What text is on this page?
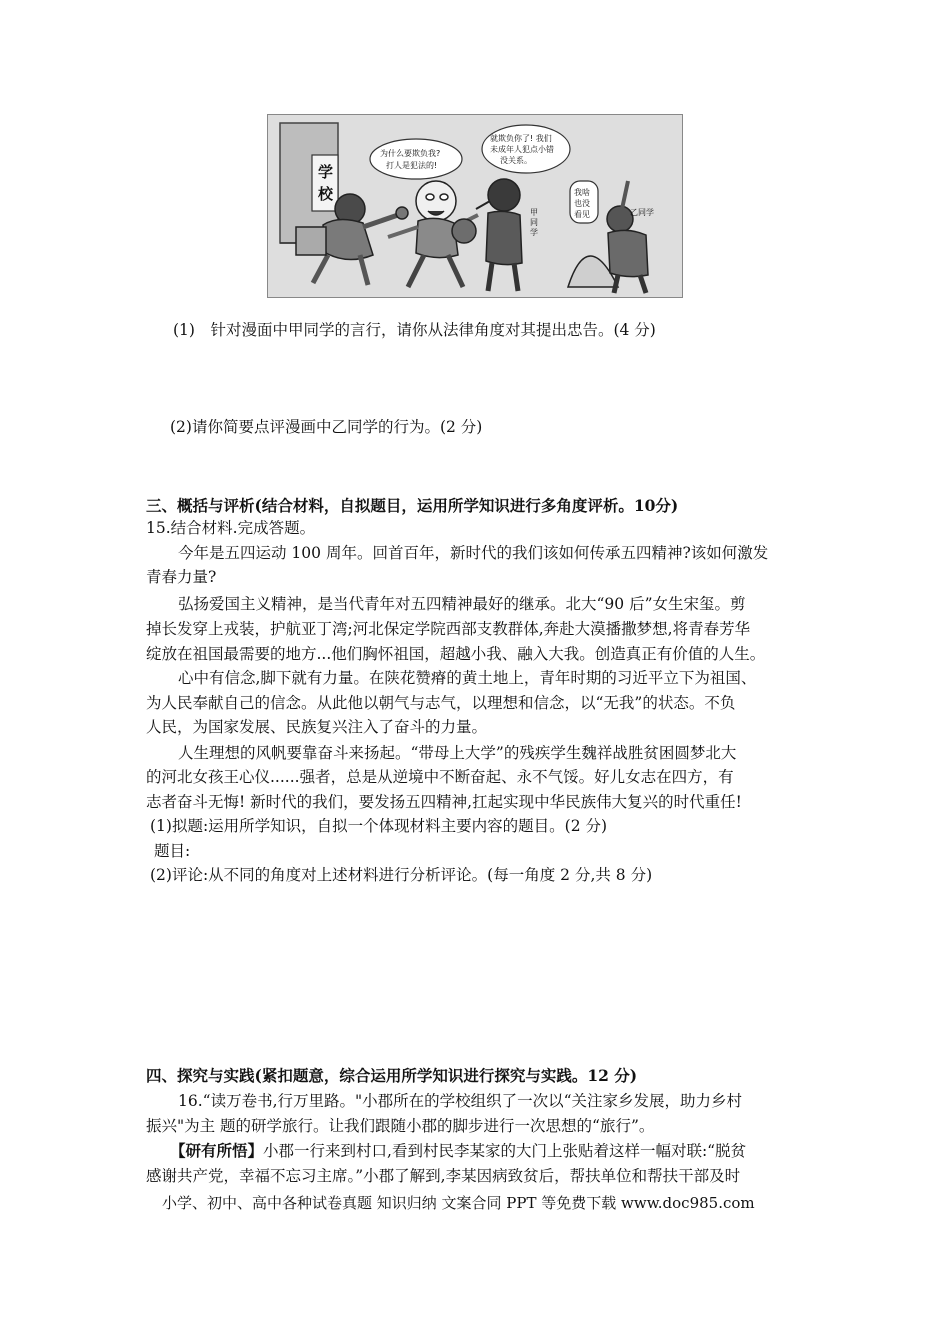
学
校
甲
同
学
乙同学
为什么要欺负我?
打人是犯法的!
就欺负你了! 我们
未成年人犯点小错
没关系。
我啥
也没
看见
(1)　针对漫面中甲同学的言行，请你从法律角度对其提出忠告。(4 分)
(2)请你简要点评漫画中乙同学的行为。(2 分)
三、概括与评析(结合材料，自拟题目，运用所学知识进行多角度评析。10分)
15.结合材料.完成答题。
今年是五四运动 100 周年。回首百年，新时代的我们该如何传承五四精神?该如何激发
青春力量?
弘扬爱国主义精神，是当代青年对五四精神最好的继承。北大“90 后”女生宋玺。剪
掉长发穿上戎装，护航亚丁湾;河北保定学院西部支教群体,奔赴大漠播撒梦想,将青春芳华
绽放在祖国最需要的地方...他们胸怀祖国，超越小我、融入大我。创造真正有价值的人生。
心中有信念,脚下就有力量。在陕花赞瘠的黄土地上，青年时期的习近平立下为祖国、
为人民奉献自己的信念。从此他以朝气与志气，以理想和信念，以“无我”的状态。不负
人民，为国家发展、民族复兴注入了奋斗的力量。
人生理想的风帆要靠奋斗来扬起。“带母上大学”的残疾学生魏祥战胜贫困圆梦北大
的河北女孩王心仪......强者，总是从逆境中不断奋起、永不气馁。好儿女志在四方，有
志者奋斗无悔! 新时代的我们，要发扬五四精神,扛起实现中华民族伟大复兴的时代重任!
(1)拟题:运用所学知识，自拟一个体现材料主要内容的题目。(2 分)
题目:
(2)评论:从不同的角度对上述材料进行分析评论。(每一角度 2 分,共 8 分)
四、探究与实践(紧扣题意，综合运用所学知识进行探究与实践。12 分)
16.“读万卷书,行万里路。"小郡所在的学校组织了一次以“关注家乡发展，助力乡村
振兴"为主 题的研学旅行。让我们跟随小郡的脚步进行一次思想的“旅行”。
【研有所悟】小郡一行来到村口,看到村民李某家的大门上张贴着这样一幅对联:“脱贫
感谢共产党，幸福不忘习主席。”小郡了解到,李某因病致贫后，帮扶单位和帮扶干部及时
小学、初中、高中各种试卷真题 知识归纳 文案合同 PPT 等免费下载 www.doc985.com
